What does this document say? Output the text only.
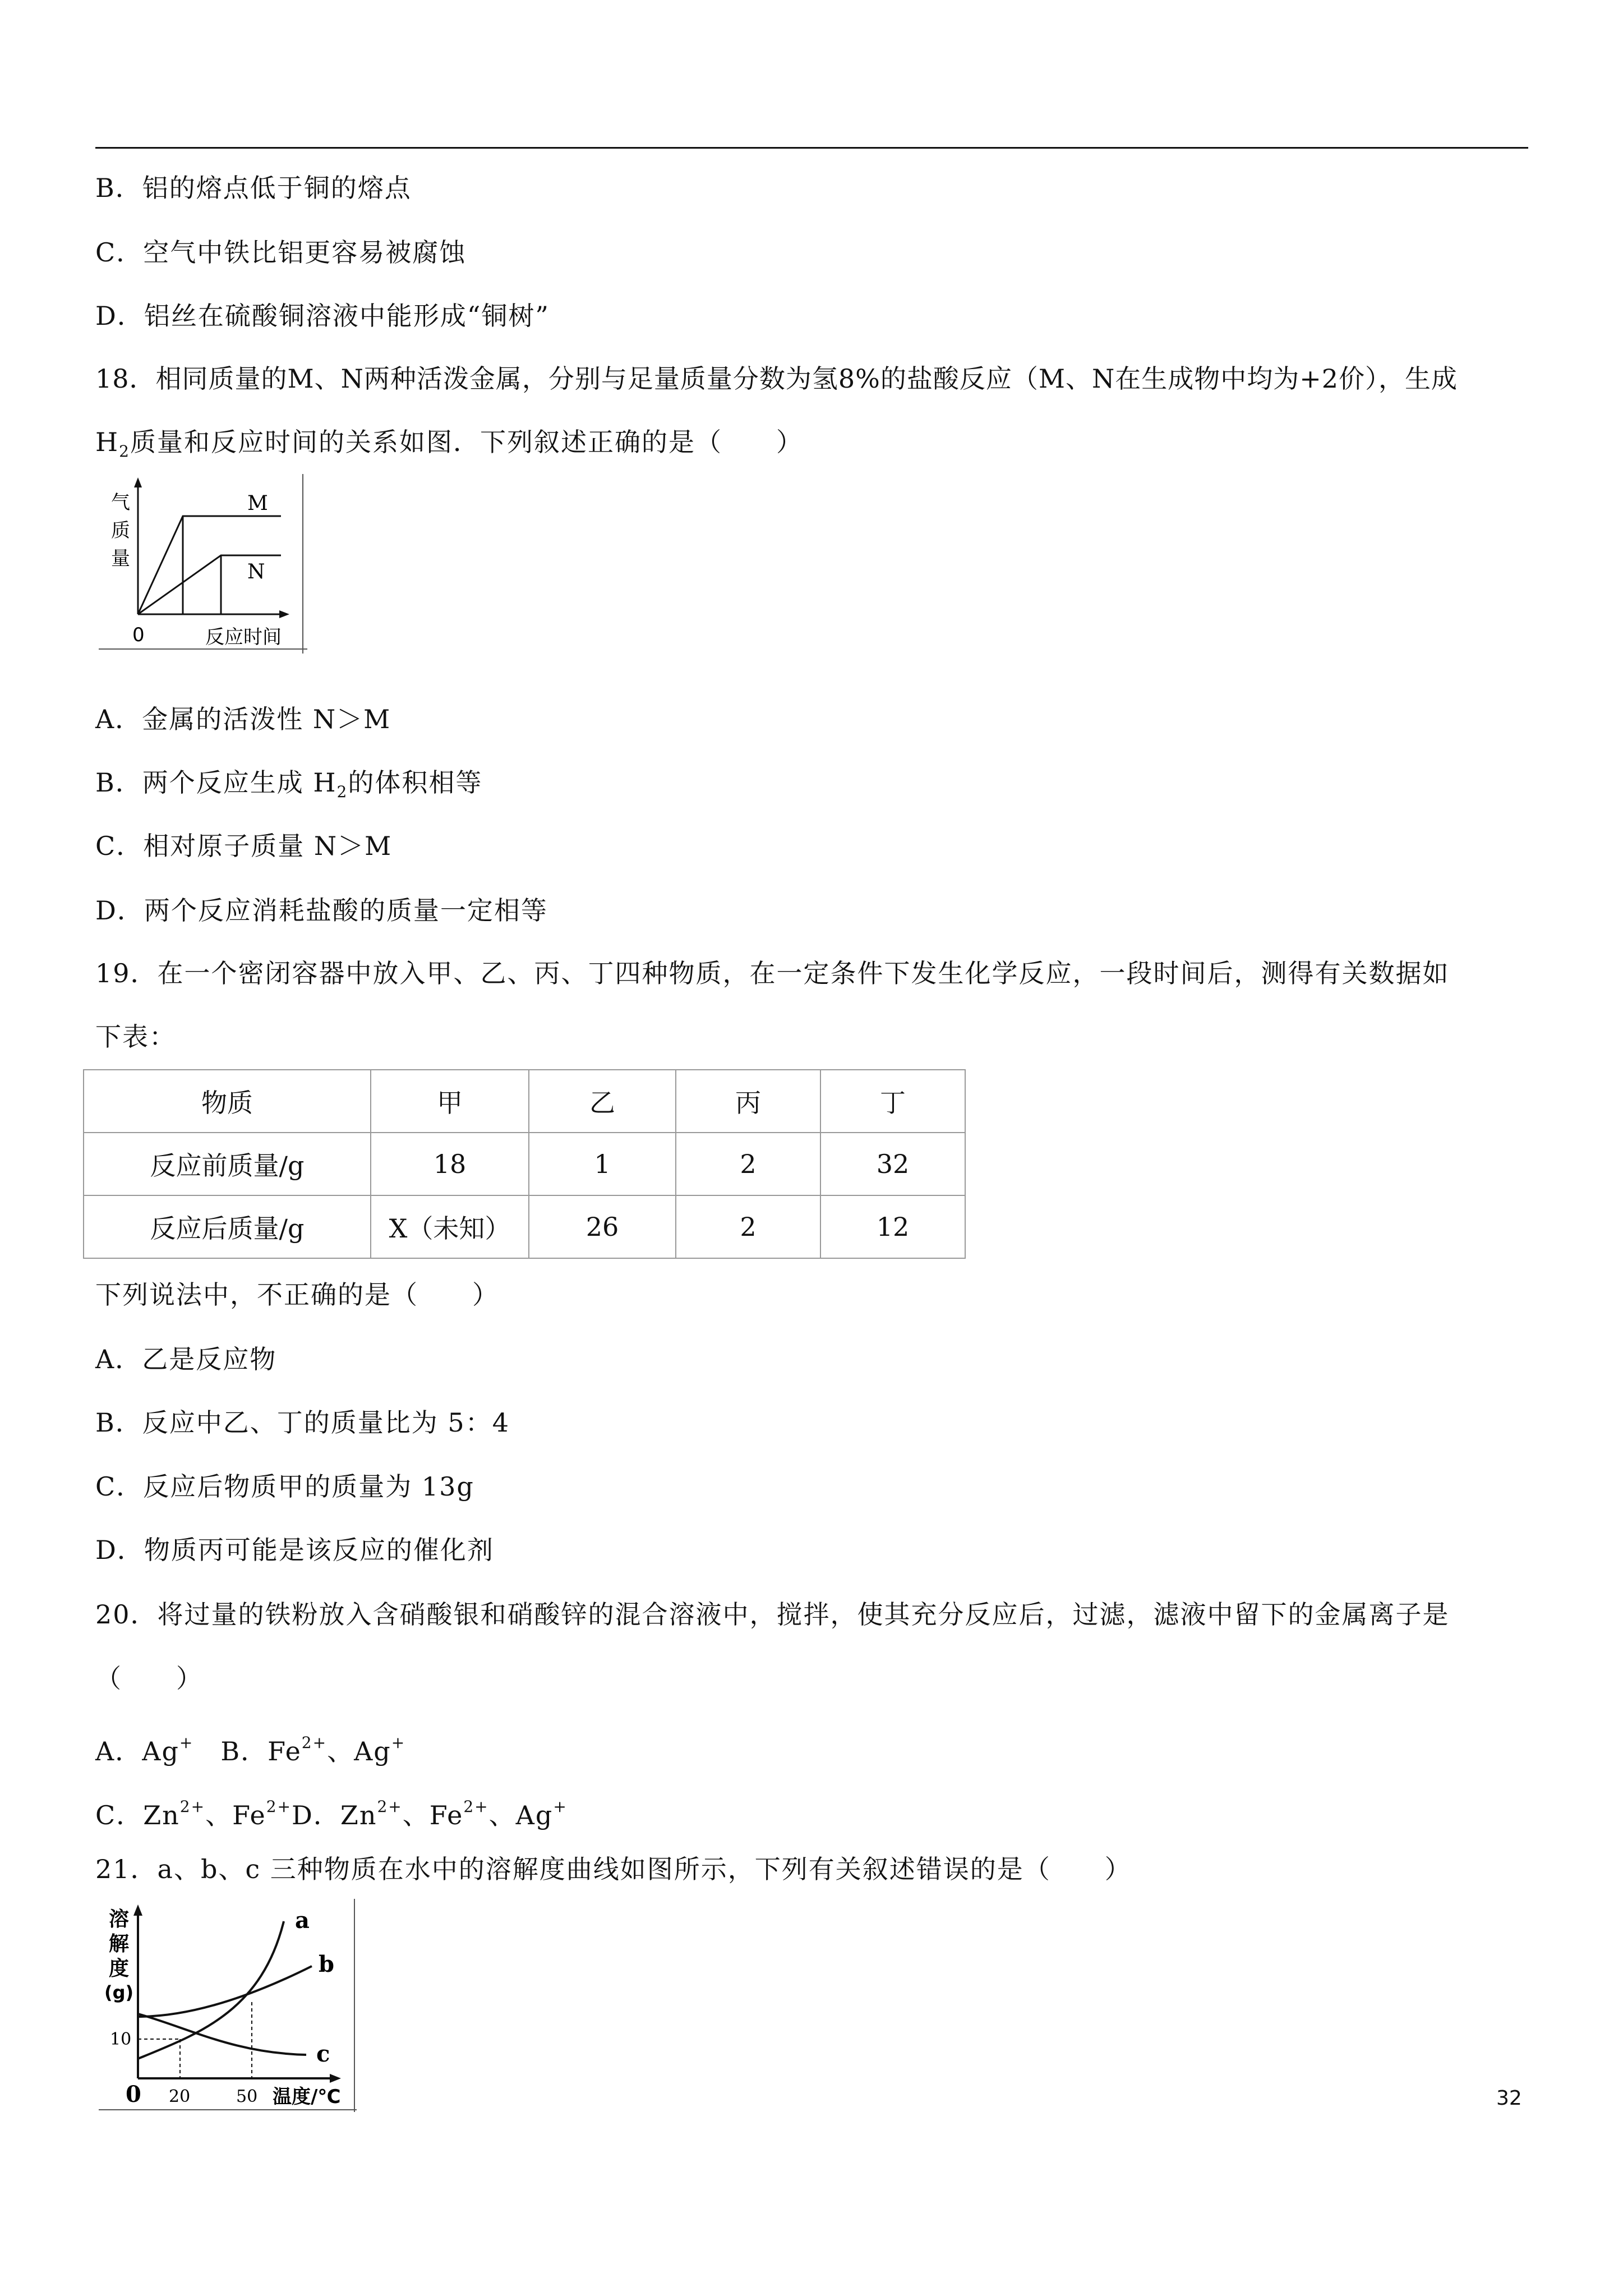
B．铝的熔点低于铜的熔点
C．空气中铁比铝更容易被腐蚀
D．铝丝在硫酸铜溶液中能形成“铜树”
18．相同质量的M、N两种活泼金属，分别与足量质量分数为氢8%的盐酸反应（M、N在生成物中均为+2价），生成
$H_2$质量和反应时间的关系如图．下列叙述正确的是（　　）
气
质
量
0	反应时间
M
N
A．金属的活泼性 N＞M
B．两个反应生成 $H_2$的体积相等
C．相对原子质量 N＞M
D．两个反应消耗盐酸的质量一定相等
19．在一个密闭容器中放入甲、乙、丙、丁四种物质，在一定条件下发生化学反应，一段时间后，测得有关数据如
下表：
物质	甲	乙	丙	丁
反应前质量/g	18	1	2	32
反应后质量/g	X（未知）	26	2	12
下列说法中，不正确的是（　　）
A．乙是反应物
B．反应中乙、丁的质量比为 5：4
C．反应后物质甲的质量为 13g
D．物质丙可能是该反应的催化剂
20．将过量的铁粉放入含硝酸银和硝酸锌的混合溶液中，搅拌，使其充分反应后，过滤，滤液中留下的金属离子是
（　　）
A．Ag+　B．$Fe^{2+}$、Ag+
C．$Zn^{2+}$、$Fe^{2+}D$．$Zn^{2+}$、$Fe^{2+}$、Ag+
21．a、b、c 三种物质在水中的溶解度曲线如图所示，下列有关叙述错误的是（　　）
溶
解
度
(g)
10
0 20	50 温度/℃
a
b
c
32
